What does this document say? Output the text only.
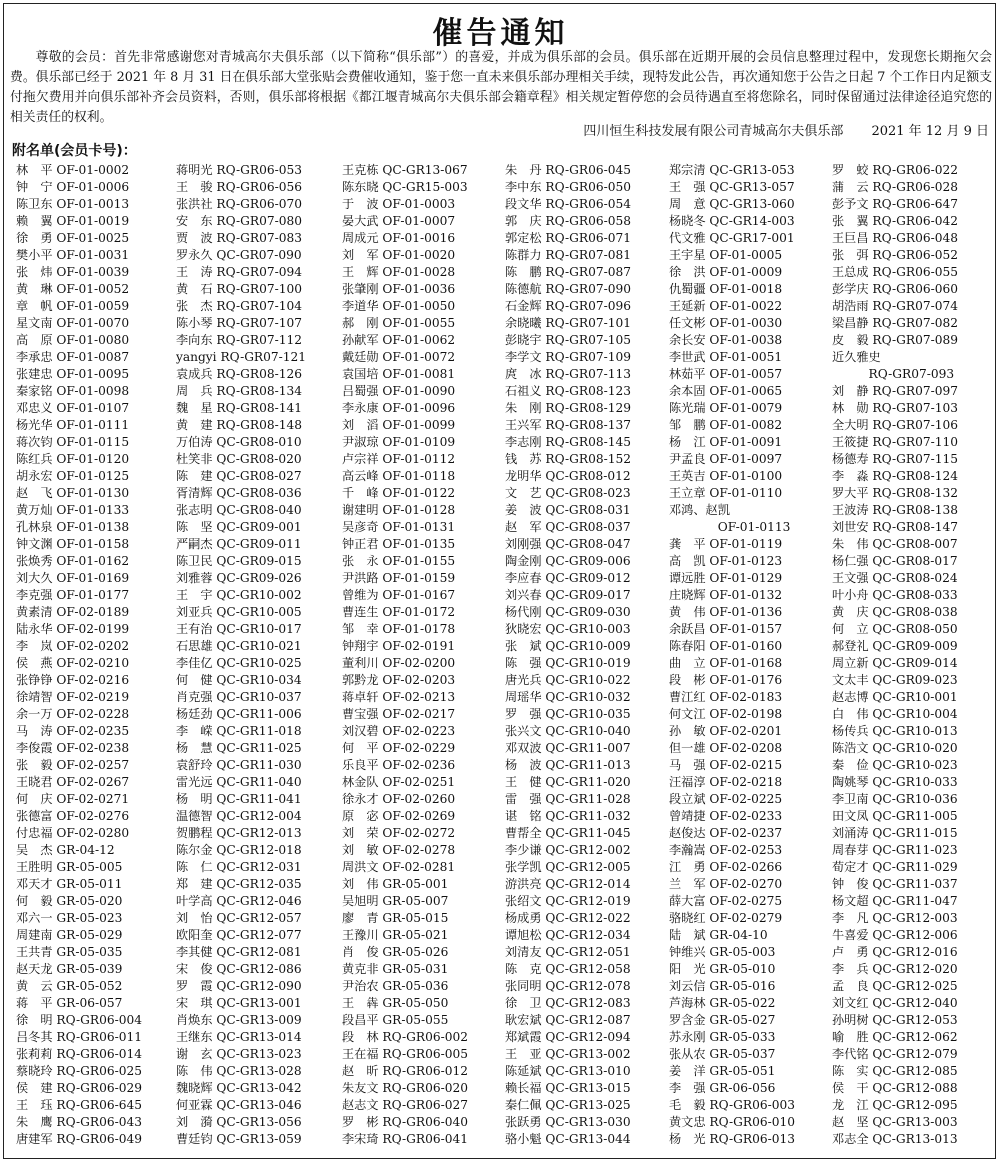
催告通知

尊敬的会员：首先非常感谢您对青城高尔夫俱乐部（以下简称“俱乐部”）的喜爱，并成为俱乐部的会员。俱乐部在近期开展的会员信息整理过程中，发现您长期拖欠会费。俱乐部已经于 2021 年 8 月 31 日在俱乐部大堂张贴会费催收通知，鉴于您一直未来俱乐部办理相关手续，现特发此公告，再次通知您于公告之日起 7 个工作日内足额支付拖欠费用并向俱乐部补齐会员资料，否则，俱乐部将根据《都江堰青城高尔夫俱乐部会籍章程》相关规定暂停您的会员待遇直至将您除名，同时保留通过法律途径追究您的相关责任的权利。

四川恒生科技发展有限公司青城高尔夫俱乐部 2021 年 12 月 9 日
附名单(会员卡号)：
林　平 OF-01-0002
钟　宁 OF-01-0006
陈卫东 OF-01-0013
赖　翼 OF-01-0019
徐　勇 OF-01-0025
樊小平 OF-01-0031
张　炜 OF-01-0039
黄　琳 OF-01-0052
章　帆 OF-01-0059
星文南 OF-01-0070
高　原 OF-01-0080
李承忠 OF-01-0087
张建忠 OF-01-0095
秦家铭 OF-01-0098
邓忠义 OF-01-0107
杨光华 OF-01-0111
蒋次钧 OF-01-0115
陈红兵 OF-01-0120
胡永宏 OF-01-0125
赵　飞 OF-01-0130
黄万灿 OF-01-0133
孔林泉 OF-01-0138
钟文渊 OF-01-0158
张焕秀 OF-01-0162
刘大久 OF-01-0169
李克强 OF-01-0177
黄素清 OF-02-0189
陆永华 OF-02-0199
李　岚 OF-02-0202
侯　燕 OF-02-0210
张铮铮 OF-02-0216
徐靖智 OF-02-0219
余一万 OF-02-0228
马　涛 OF-02-0235
李俊霞 OF-02-0238
张　毅 OF-02-0257
王晓君 OF-02-0267
何　庆 OF-02-0271
张德富 OF-02-0276
付忠福 OF-02-0280
吴　杰 GR-04-12
王胜明 GR-05-005
邓天才 GR-05-011
何　毅 GR-05-020
邓六一 GR-05-023
周建南 GR-05-029
王共青 GR-05-035
赵天龙 GR-05-039
黄　云 GR-05-052
蒋　平 GR-06-057
徐　明 RQ-GR06-004
吕冬其 RQ-GR06-011
张莉莉 RQ-GR06-014
蔡晓玲 RQ-GR06-025
侯　建 RQ-GR06-029
王　珏 RQ-GR06-645
朱　鹰 RQ-GR06-043
唐建军 RQ-GR06-049
蒋明光 RQ-GR06-053
王　骏 RQ-GR06-056
张洪社 RQ-GR06-070
安　东 RQ-GR07-080
贾　波 RQ-GR07-083
罗永久 QC-GR07-090
王　涛 RQ-GR07-094
黄　石 RQ-GR07-100
张　杰 RQ-GR07-104
陈小琴 RQ-GR07-107
李向东 RQ-GR07-112
yangyi RQ-GR07-121
袁成兵 RQ-GR08-126
周　兵 RQ-GR08-134
魏　星 RQ-GR08-141
黄　建 RQ-GR08-148
万伯涛 QC-GR08-010
杜笑非 QC-GR08-020
陈　建 QC-GR08-027
胥清辉 QC-GR08-036
张志明 QC-GR08-040
陈　坚 QC-GR09-001
严嗣杰 QC-GR09-011
陈卫民 QC-GR09-015
刘雅蓉 QC-GR09-026
王　宇 QC-GR10-002
刘亚兵 QC-GR10-005
王有治 QC-GR10-017
石思雄 QC-GR10-021
李佳亿 QC-GR10-025
何　健 QC-GR10-034
肖克强 QC-GR10-037
杨廷劲 QC-GR11-006
李　嵘 QC-GR11-018
杨　慧 QC-GR11-025
袁舒玲 QC-GR11-030
雷光远 QC-GR11-040
杨　明 QC-GR11-041
温德智 QC-GR12-004
贺鹏程 QC-GR12-013
陈尔金 QC-GR12-018
陈　仁 QC-GR12-031
郑　建 QC-GR12-035
叶学高 QC-GR12-046
刘　怡 QC-GR12-057
欧阳奎 QC-GR12-077
李其健 QC-GR12-081
宋　俊 QC-GR12-086
罗　霞 QC-GR12-090
宋　琪 QC-GR13-001
肖焕东 QC-GR13-009
王继东 QC-GR13-014
谢　玄 QC-GR13-023
陈　伟 QC-GR13-028
魏晓辉 QC-GR13-042
何亚霖 QC-GR13-046
刘　漪 QC-GR13-056
曹廷钧 QC-GR13-059
王克栋 QC-GR13-067
陈东晓 QC-GR15-003
于　波 OF-01-0003
晏大武 OF-01-0007
周成元 OF-01-0016
刘　军 OF-01-0020
王　辉 OF-01-0028
张肇刚 OF-01-0036
李道华 OF-01-0050
郝　刚 OF-01-0055
孙献军 OF-01-0062
戴廷勋 OF-01-0072
袁国培 OF-01-0081
吕蜀强 OF-01-0090
李永康 OF-01-0096
刘　滔 OF-01-0099
尹淑琼 OF-01-0109
卢宗祥 OF-01-0112
高云峰 OF-01-0118
千　峰 OF-01-0122
谢建明 OF-01-0128
吴彦奇 OF-01-0131
钟正君 OF-01-0135
张　永 OF-01-0155
尹洪路 OF-01-0159
曾维为 OF-01-0167
曹连生 OF-01-0172
邹　幸 OF-01-0178
钟翔宇 OF-02-0191
董利川 OF-02-0200
郭黔龙 OF-02-0203
蒋卓轩 OF-02-0213
曹宝强 OF-02-0217
刘汉碧 OF-02-0223
何　平 OF-02-0229
乐良平 OF-02-0236
林金队 OF-02-0251
徐永才 OF-02-0260
原　宓 OF-02-0269
刘　荣 OF-02-0272
刘　敏 OF-02-0278
周洪文 OF-02-0281
刘　伟 GR-05-001
吴旭明 GR-05-007
廖　青 GR-05-015
王豫川 GR-05-021
肖　俊 GR-05-026
黄克非 GR-05-031
尹治农 GR-05-036
王　犇 GR-05-050
段昌平 GR-05-055
段　林 RQ-GR06-002
王在福 RQ-GR06-005
赵　昕 RQ-GR06-012
朱友文 RQ-GR06-020
赵志文 RQ-GR06-027
罗　彬 RQ-GR06-040
李宋琦 RQ-GR06-041
朱　丹 RQ-GR06-045
李中东 RQ-GR06-050
段文华 RQ-GR06-054
郭　庆 RQ-GR06-058
郭定松 RQ-GR06-071
陈群力 RQ-GR07-081
陈　鹏 RQ-GR07-087
陈德航 RQ-GR07-090
石金辉 RQ-GR07-096
余晓曦 RQ-GR07-101
彭晓宇 RQ-GR07-105
李学文 RQ-GR07-109
庹　冰 RQ-GR07-113
石祖义 RQ-GR08-123
朱　刚 RQ-GR08-129
王兴军 RQ-GR08-137
李志刚 RQ-GR08-145
钱　苏 RQ-GR08-152
龙明华 QC-GR08-012
文　艺 QC-GR08-023
姜　波 QC-GR08-031
赵　军 QC-GR08-037
刘刚强 QC-GR08-047
陶金刚 QC-GR09-006
李应春 QC-GR09-012
刘兴春 QC-GR09-017
杨代刚 QC-GR09-030
狄晓宏 QC-GR10-003
张　斌 QC-GR10-009
陈　强 QC-GR10-019
唐光兵 QC-GR10-022
周瑶华 QC-GR10-032
罗　强 QC-GR10-035
张兴文 QC-GR10-040
邓双波 QC-GR11-007
杨　波 QC-GR11-013
王　健 QC-GR11-020
雷　强 QC-GR11-028
谌　铭 QC-GR11-032
曹帮全 QC-GR11-045
李少谦 QC-GR12-002
张学凯 QC-GR12-005
游洪亮 QC-GR12-014
张绍文 QC-GR12-019
杨成勇 QC-GR12-022
谭旭松 QC-GR12-034
刘清友 QC-GR12-051
陈　克 QC-GR12-058
张同明 QC-GR12-078
徐　卫 QC-GR12-083
耿宏斌 QC-GR12-087
郑斌霞 QC-GR12-094
王　亚 QC-GR13-002
陈延斌 QC-GR13-010
赖长福 QC-GR13-015
秦仁佩 QC-GR13-025
张跃勇 QC-GR13-030
骆小魁 QC-GR13-044
郑宗清 QC-GR13-053
王　强 QC-GR13-057
周　意 QC-GR13-060
杨晓冬 QC-GR14-003
代文雅 QC-GR17-001
王宇星 OF-01-0005
徐　洪 OF-01-0009
仇蜀疆 OF-01-0018
王延新 OF-01-0022
任文彬 OF-01-0030
余长安 OF-01-0038
李世武 OF-01-0051
林茹平 OF-01-0057
余本固 OF-01-0065
陈光瑞 OF-01-0079
邹　鹏 OF-01-0082
杨　江 OF-01-0091
尹孟良 OF-01-0097
王英吉 OF-01-0100
王立章 OF-01-0110
邓鸿、赵凯
　　　　OF-01-0113
龚　平 OF-01-0119
高　凯 OF-01-0123
谭远胜 OF-01-0129
庄晓辉 OF-01-0132
黄　伟 OF-01-0136
余跃昌 OF-01-0157
陈春阳 OF-01-0160
曲　立 OF-01-0168
段　彬 OF-01-0176
曹江红 OF-02-0183
何文江 OF-02-0198
孙　敏 OF-02-0201
但一雄 OF-02-0208
马　强 OF-02-0215
汪福淳 OF-02-0218
段立斌 OF-02-0225
曾靖捷 OF-02-0233
赵俊达 OF-02-0237
李瀚嵩 OF-02-0253
江　勇 OF-02-0266
兰　军 OF-02-0270
薛大富 OF-02-0275
骆晓红 OF-02-0279
陆　斌 GR-04-10
钟维兴 GR-05-003
阳　光 GR-05-010
刘云信 GR-05-016
芦海林 GR-05-022
罗含金 GR-05-027
苏永刚 GR-05-033
张从农 GR-05-037
姜　洋 GR-05-051
李　强 GR-06-056
毛　毅 RQ-GR06-003
黄文忠 RQ-GR06-010
杨　光 RQ-GR06-013
罗　蛟 RQ-GR06-022
蒲　云 RQ-GR06-028
彭予文 RQ-GR06-647
张　翼 RQ-GR06-042
王巨昌 RQ-GR06-048
张　弭 RQ-GR06-052
王总成 RQ-GR06-055
彭学庆 RQ-GR06-060
胡浩雨 RQ-GR07-074
梁昌静 RQ-GR07-082
皮　毅 RQ-GR07-089
近久雅史
　　　RQ-GR07-093
刘　静 RQ-GR07-097
林　勋 RQ-GR07-103
全大明 RQ-GR07-106
王筱捷 RQ-GR07-110
杨德寿 RQ-GR07-115
李　淼 RQ-GR08-124
罗大平 RQ-GR08-132
王波涛 RQ-GR08-138
刘世安 RQ-GR08-147
朱　伟 QC-GR08-007
杨仁强 QC-GR08-017
王文强 QC-GR08-024
叶小舟 QC-GR08-033
黄　庆 QC-GR08-038
何　立 QC-GR08-050
郝登礼 QC-GR09-009
周立新 QC-GR09-014
文太丰 QC-GR09-023
赵志博 QC-GR10-001
白　伟 QC-GR10-004
杨传兵 QC-GR10-013
陈浩文 QC-GR10-020
秦　俭 QC-GR10-023
陶姚琴 QC-GR10-033
李卫南 QC-GR10-036
田文凤 QC-GR11-005
刘涌涛 QC-GR11-015
周春芽 QC-GR11-023
荀定才 QC-GR11-029
钟　俊 QC-GR11-037
杨文超 QC-GR11-047
李　凡 QC-GR12-003
牛喜爱 QC-GR12-006
卢　勇 QC-GR12-016
李　兵 QC-GR12-020
孟　良 QC-GR12-025
刘文红 QC-GR12-040
孙明树 QC-GR12-053
喻　胜 QC-GR12-062
李代铭 QC-GR12-079
陈　实 QC-GR12-085
侯　干 QC-GR12-088
龙　江 QC-GR12-095
赵　坚 QC-GR13-003
邓志全 QC-GR13-013
